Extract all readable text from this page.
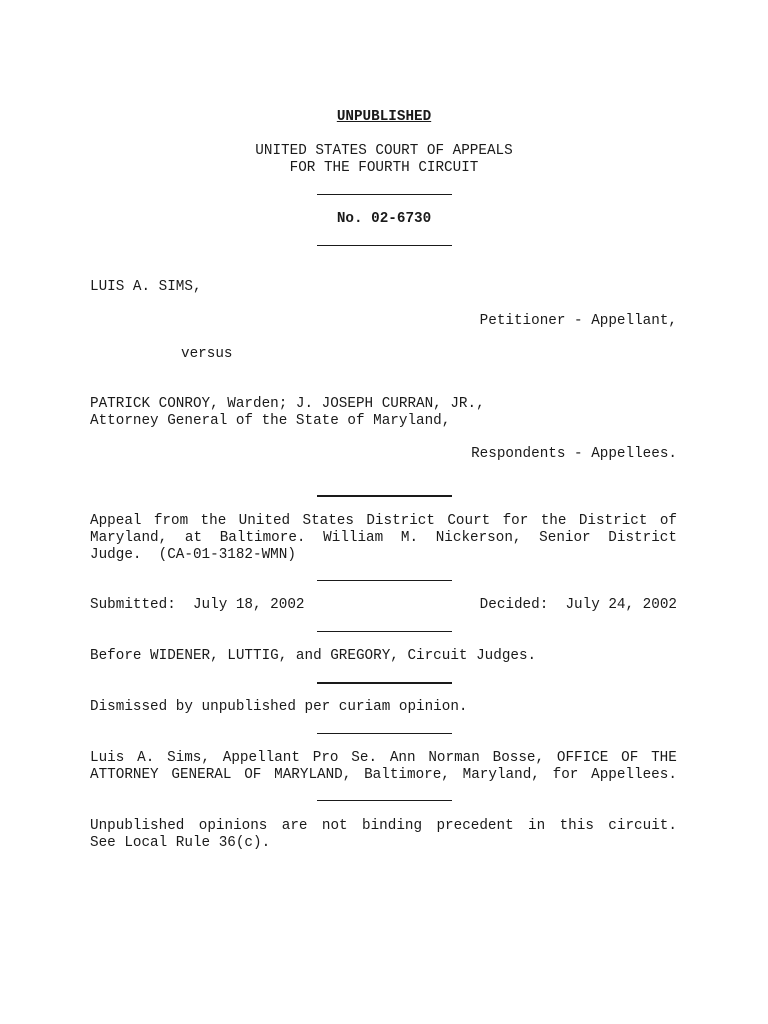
UNPUBLISHED
UNITED STATES COURT OF APPEALS
FOR THE FOURTH CIRCUIT
No. 02-6730
LUIS A. SIMS,
Petitioner - Appellant,
versus
PATRICK CONROY, Warden; J. JOSEPH CURRAN, JR.,
Attorney General of the State of Maryland,
Respondents - Appellees.
Appeal from the United States District Court for the District of
Maryland, at Baltimore. William M. Nickerson, Senior District
Judge.  (CA-01-3182-WMN)
Submitted:  July 18, 2002	Decided:  July 24, 2002
Before WIDENER, LUTTIG, and GREGORY, Circuit Judges.
Dismissed by unpublished per curiam opinion.
Luis A. Sims, Appellant Pro Se. Ann Norman Bosse, OFFICE OF THE
ATTORNEY GENERAL OF MARYLAND, Baltimore, Maryland, for Appellees.
Unpublished opinions are not binding precedent in this circuit.
See Local Rule 36(c).
